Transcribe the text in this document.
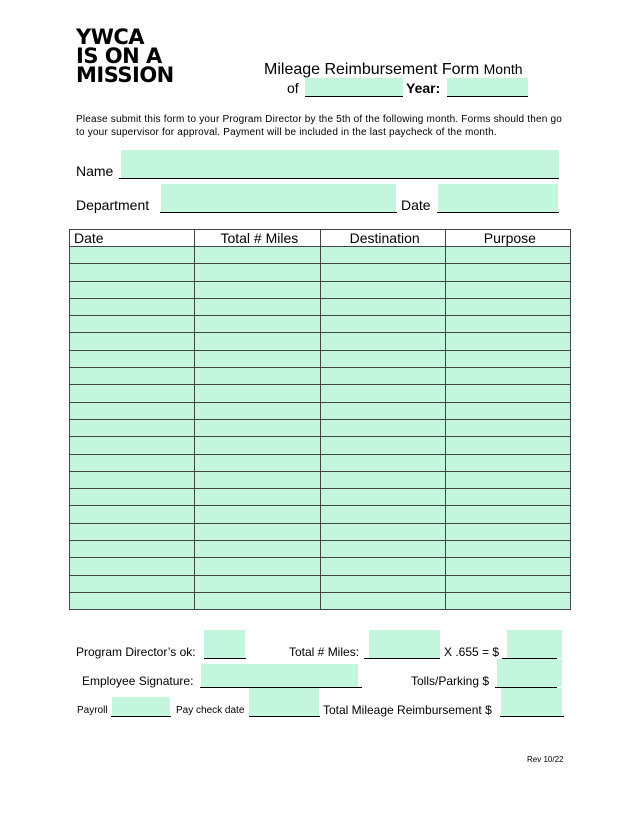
YWCA
IS ON A
MISSION	Mileage Reimbursement Form Month
of	Year:
Please submit this form to your Program Director by the 5th of the following month. Forms should then go to your supervisor for approval. Payment will be included in the last paycheck of the month.
Name
Department	Date
Date	Total # Miles	Destination	Purpose

Program Director’s ok:	Total # Miles:	X .655 = $
Employee Signature:	Tolls/Parking $
Payroll	Pay check date	Total Mileage Reimbursement $
Rev 10/22
